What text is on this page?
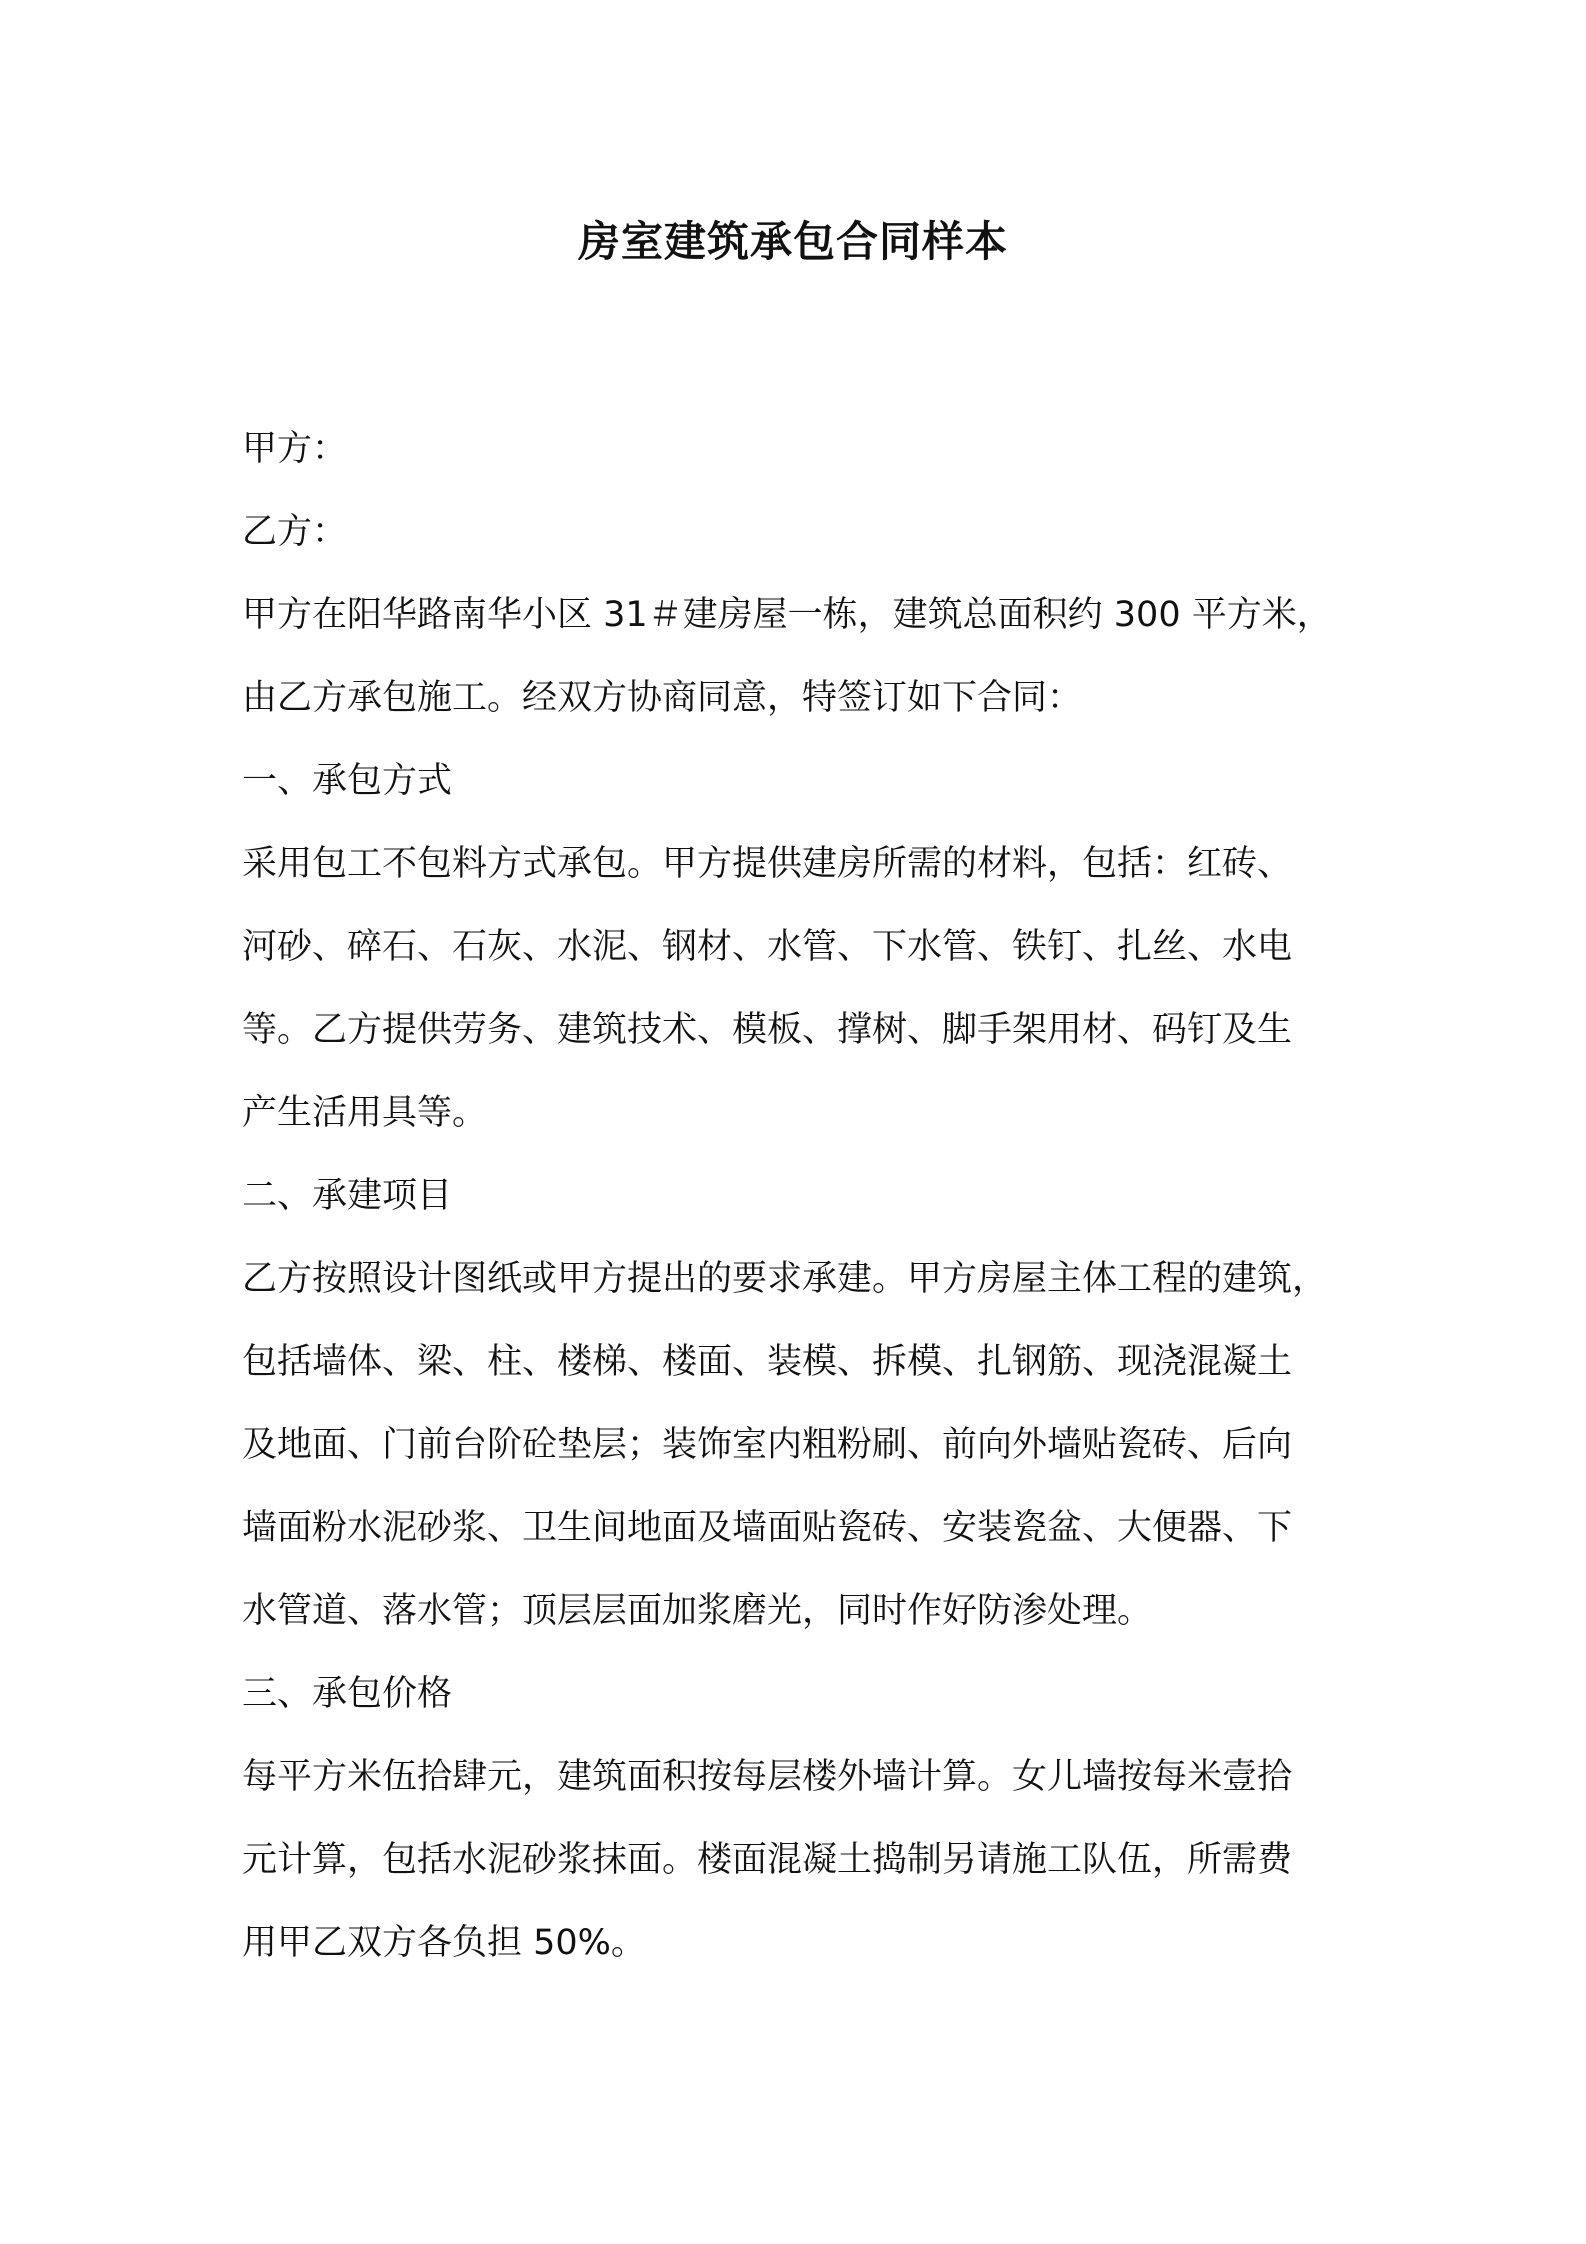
房室建筑承包合同样本
甲方：
乙方：
甲方在阳华路南华小区 31＃建房屋一栋，建筑总面积约 300 平方米，
由乙方承包施工。经双方协商同意，特签订如下合同：
一、承包方式
采用包工不包料方式承包。甲方提供建房所需的材料，包括：红砖、
河砂、碎石、石灰、水泥、钢材、水管、下水管、铁钉、扎丝、水电
等。乙方提供劳务、建筑技术、模板、撑树、脚手架用材、码钉及生
产生活用具等。
二、承建项目
乙方按照设计图纸或甲方提出的要求承建。甲方房屋主体工程的建筑，
包括墙体、梁、柱、楼梯、楼面、装模、拆模、扎钢筋、现浇混凝土
及地面、门前台阶砼垫层；装饰室内粗粉刷、前向外墙贴瓷砖、后向
墙面粉水泥砂浆、卫生间地面及墙面贴瓷砖、安装瓷盆、大便器、下
水管道、落水管；顶层层面加浆磨光，同时作好防渗处理。
三、承包价格
每平方米伍拾肆元，建筑面积按每层楼外墙计算。女儿墙按每米壹拾
元计算，包括水泥砂浆抹面。楼面混凝土捣制另请施工队伍，所需费
用甲乙双方各负担 50%。
